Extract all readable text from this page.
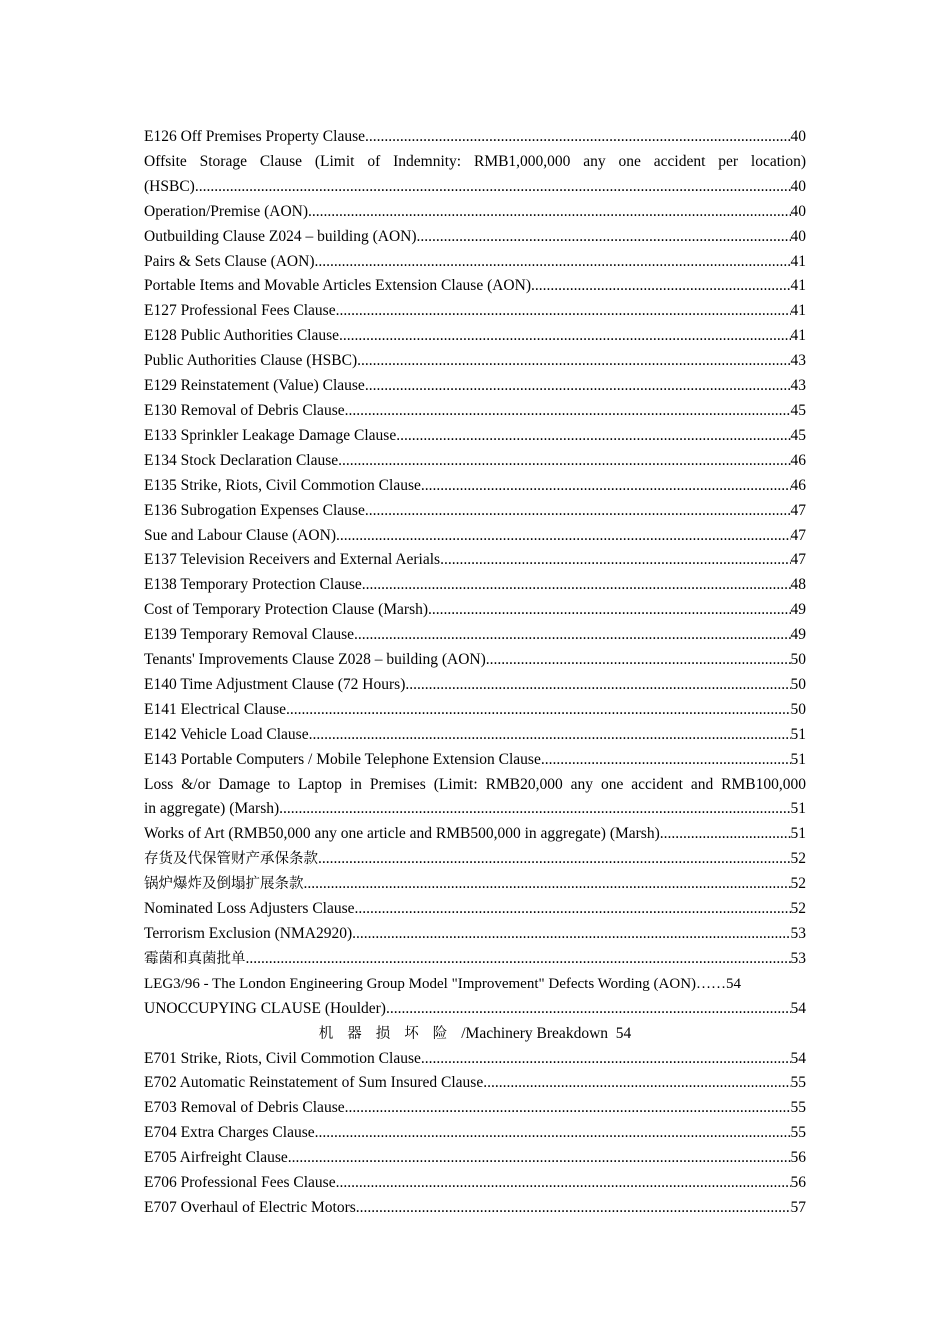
E126 Off Premises Property Clause .....	40
Offsite Storage Clause (Limit of Indemnity: RMB1,000,000 any one accident per location)
(HSBC) .....	40
Operation/Premise (AON) .....	40
Outbuilding Clause Z024 – building (AON) .....	40
Pairs & Sets Clause (AON) .....	41
Portable Items and Movable Articles Extension Clause (AON) .....	41
E127 Professional Fees Clause .....	41
E128 Public Authorities Clause .....	41
Public Authorities Clause (HSBC) .....	43
E129 Reinstatement (Value) Clause .....	43
E130 Removal of Debris Clause .....	45
E133 Sprinkler Leakage Damage Clause .....	45
E134 Stock Declaration Clause .....	46
E135 Strike, Riots, Civil Commotion Clause .....	46
E136 Subrogation Expenses Clause .....	47
Sue and Labour Clause (AON) .....	47
E137 Television Receivers and External Aerials .....	47
E138 Temporary Protection Clause .....	48
Cost of Temporary Protection Clause (Marsh) .....	49
E139 Temporary Removal Clause .....	49
Tenants' Improvements Clause Z028 – building (AON) .....	50
E140 Time Adjustment Clause (72 Hours) .....	50
E141 Electrical Clause .....	50
E142 Vehicle Load Clause .....	51
E143 Portable Computers / Mobile Telephone Extension Clause .....	51
Loss &/or Damage to Laptop in Premises (Limit: RMB20,000 any one accident and RMB100,000
in aggregate) (Marsh) .....	51
Works of Art (RMB50,000 any one article and RMB500,000 in aggregate) (Marsh) .....	51
存货及代保管财产承保条款 .....	52
锅炉爆炸及倒塌扩展条款 .....	52
Nominated Loss Adjusters Clause .....	52
Terrorism Exclusion (NMA2920) .....	53
霉菌和真菌批单 .....	53
LEG3/96 - The London Engineering Group Model "Improvement" Defects Wording (AON) …… 54
UNOCCUPYING CLAUSE (Houlder) .....	54
机器损坏险/Machinery Breakdown 54
E701 Strike, Riots, Civil Commotion Clause .....	54
E702 Automatic Reinstatement of Sum Insured Clause .....	55
E703 Removal of Debris Clause .....	55
E704 Extra Charges Clause .....	55
E705 Airfreight Clause .....	56
E706 Professional Fees Clause .....	56
E707 Overhaul of Electric Motors .....	57
